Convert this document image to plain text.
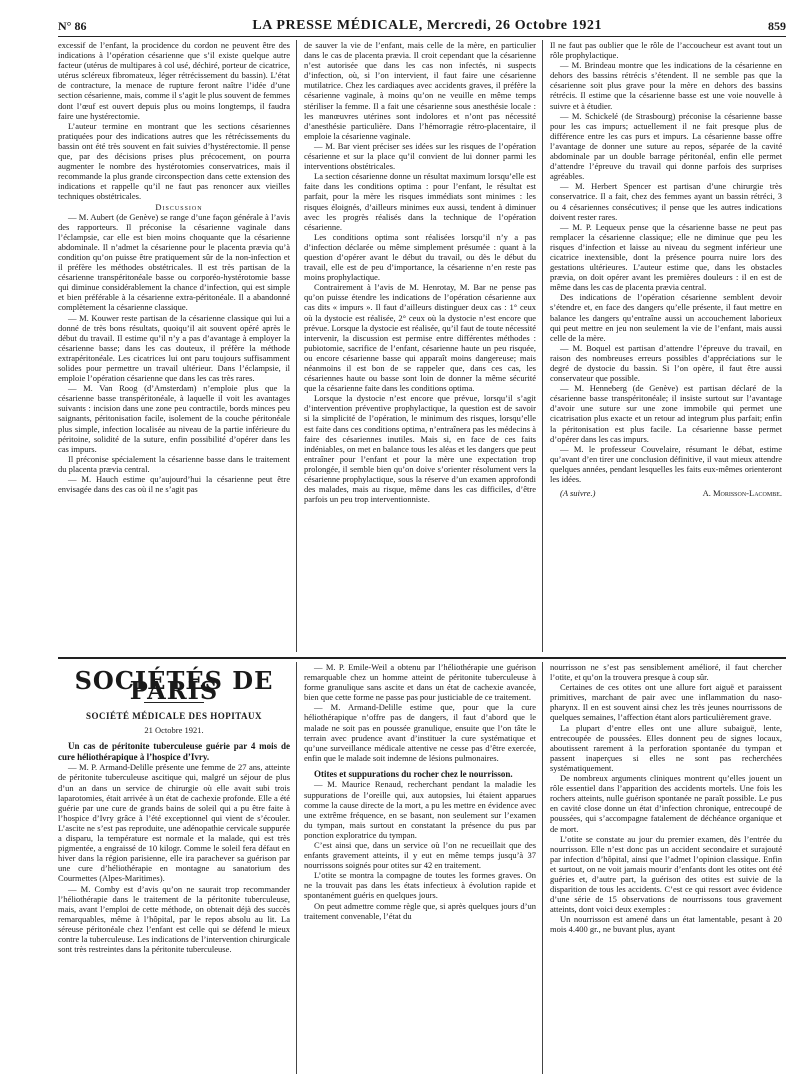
N° 86	LA PRESSE MÉDICALE, Mercredi, 26 Octobre 1921	859

excessif de l’enfant, la procidence du cordon ne peuvent être des indications à l’opération césarienne que s’il existe quelque autre facteur (utérus de multipares à col usé, déchiré, porteur de cicatrice, utérus scléreux fibromateux, léger rétrécissement du bassin). L’état de contracture, la menace de rupture feront naître l’idée d’une section césarienne, mais, comme il s’agit le plus souvent de femmes dont l’œuf est ouvert depuis plus ou moins longtemps, il faudra faire une hystérectomie.

L’auteur termine en montrant que les sections césariennes pratiquées pour des indications autres que les rétrécissements du bassin ont été très souvent en fait suivies d’hystérectomie. Il pense que, par des décisions prises plus précocement, on pourra augmenter le nombre des hystérotomies conservatrices, mais il recommande la plus grande circonspection dans cette extension des indications et rappelle qu’il ne faut pas renoncer aux vieilles techniques obstétricales.

Discussion

— M. Aubert (de Genève) se range d’une façon générale à l’avis des rapporteurs. Il préconise la césarienne vaginale dans l’éclampsie, car elle est bien moins choquante que la césarienne abdominale. Il n’admet la césarienne pour le placenta prævia qu’à condition qu’on puisse être pratiquement sûr de la non-infection et il préfère les méthodes obstétricales. Il est très partisan de la césarienne transpéritonéale basse ou corporéo-hystérotomie basse qui diminue considérablement la chance d’infection, qui est simple et bien préférable à la césarienne extra-péritonéale. Il a abandonné complètement la césarienne classique.

— M. Kouwer reste partisan de la césarienne classique qui lui a donné de très bons résultats, quoiqu’il ait souvent opéré après le début du travail. Il estime qu’il n’y a pas d’avantage à employer la césarienne basse; dans les cas douteux, il préfère la méthode extrapéritonéale. Les cicatrices lui ont paru toujours suffisamment solides pour permettre un travail ultérieur. Dans l’éclampsie, il emploie l’opération césarienne que dans les cas très rares.

— M. Van Roog (d’Amsterdam) n’emploie plus que la césarienne basse transpéritonéale, à laquelle il voit les avantages suivants : incision dans une zone peu contractile, bords minces peu saignants, péritonisation facile, isolement de la couche péritonéale plus simple, infection localisée au niveau de la partie inférieure du péritoine, solidité de la suture, enfin possibilité d’opérer dans les cas impurs.

Il préconise spécialement la césarienne basse dans le traitement du placenta prævia central.

— M. Hauch estime qu’aujourd’hui la césarienne peut être envisagée dans des cas où il ne s’agit pas

de sauver la vie de l’enfant, mais celle de la mère, en particulier dans le cas de placenta prævia. Il croit cependant que la césarienne n’est autorisée que dans les cas non infectés, ni suspects d’infection, où, si l’on intervient, il faut faire une césarienne mutilatrice. Chez les cardiaques avec accidents graves, il préfère la césarienne vaginale, à moins qu’on ne veuille en même temps stériliser la femme. Il a fait une césarienne sous anesthésie locale : les manœuvres utérines sont indolores et n’ont pas nécessité d’anesthésie particulière. Dans l’hémorragie rétro-placentaire, il emploie la césarienne vaginale.

— M. Bar vient préciser ses idées sur les risques de l’opération césarienne et sur la place qu’il convient de lui donner parmi les interventions obstétricales.

La section césarienne donne un résultat maximum lorsqu’elle est faite dans les conditions optima : pour l’enfant, le résultat est parfait, pour la mère les risques immédiats sont minimes : les risques éloignés, d’ailleurs minimes eux aussi, tendent à diminuer avec les progrès réalisés dans la technique de l’opération césarienne.

Les conditions optima sont réalisées lorsqu’il n’y a pas d’infection déclarée ou même simplement présumée : quant à la question d’opérer avant le début du travail, ou dès le début du travail, elle est de peu d’importance, la césarienne n’en reste pas moins prophylactique.

Contrairement à l’avis de M. Henrotay, M. Bar ne pense pas qu’on puisse étendre les indications de l’opération césarienne aux cas dits « impurs ». Il faut d’ailleurs distinguer deux cas : 1° ceux où la dystocie est réalisée, 2° ceux où la dystocie n’est encore que prévue. Lorsque la dystocie est réalisée, qu’il faut de toute nécessité intervenir, la discussion est permise entre différentes méthodes : pubiotomie, sacrifice de l’enfant, césarienne haute un peu risquée, ou encore césarienne basse qui apparaît moins dangereuse; mais néanmoins il est bon de se rappeler que, dans ces cas, les césariennes haute ou basse sont loin de donner la même sécurité que la césarienne faite dans les conditions optima.

Lorsque la dystocie n’est encore que prévue, lorsqu’il s’agit d’intervention préventive prophylactique, la question est de savoir si la simplicité de l’opération, le minimum des risques, lorsqu’elle est faite dans ces conditions optima, n’entraînera pas les médecins à faire des césariennes inutiles. Mais si, en face de ces faits indéniables, on met en balance tous les aléas et les dangers que peut entraîner pour l’enfant et pour la mère une expectation trop prolongée, il semble bien qu’on doive s’orienter résolument vers la césarienne prophylactique, sous la réserve d’un examen approfondi des malades, mais au risque, même dans les cas difficiles, d’être parfois un peu trop interventionniste.

Il ne faut pas oublier que le rôle de l’accoucheur est avant tout un rôle prophylactique.

— M. Brindeau montre que les indications de la césarienne en dehors des bassins rétrécis s’étendent. Il ne semble pas que la césarienne soit plus grave pour la mère en dehors des bassins rétrécis. Il estime que la césarienne basse est une voie nouvelle à suivre et à étudier.

— M. Schickelé (de Strasbourg) préconise la césarienne basse pour les cas impurs; actuellement il ne fait presque plus de différence entre les cas purs et impurs. La césarienne basse offre l’avantage de donner une suture au repos, séparée de la cavité abdominale par un double barrage péritonéal, enfin elle permet d’attendre l’épreuve du travail qui donne parfois des surprises agréables.

— M. Herbert Spencer est partisan d’une chirurgie très conservatrice. Il a fait, chez des femmes ayant un bassin rétréci, 3 ou 4 césariennes consécutives; il pense que les autres indications doivent rester rares.

— M. P. Lequeux pense que la césarienne basse ne peut pas remplacer la césarienne classique; elle ne diminue que peu les risques d’infection et laisse au niveau du segment inférieur une cicatrice inextensible, dont la présence pourra nuire lors des gestations ultérieures. L’auteur estime que, dans les obstacles prævia, on doit opérer avant les premières douleurs : il en est de même dans les cas de placenta prævia central.

Des indications de l’opération césarienne semblent devoir s’étendre et, en face des dangers qu’elle présente, il faut mettre en balance les dangers qu’entraîne aussi un accouchement laborieux qui peut mettre en jeu non seulement la vie de l’enfant, mais aussi celle de la mère.

— M. Boquel est partisan d’attendre l’épreuve du travail, en raison des nombreuses erreurs possibles d’appréciations sur le degré de dystocie du bassin. Si l’on opère, il faut être aussi conservateur que possible.

— M. Henneberg (de Genève) est partisan déclaré de la césarienne basse transpéritonéale; il insiste surtout sur l’avantage d’avoir une suture sur une zone immobile qui permet une cicatrisation plus exacte et un retour ad integrum plus parfait; enfin la péritonisation est plus facile. La césarienne basse permet d’opérer dans les cas impurs.

— M. le professeur Couvelaire, résumant le débat, estime qu’avant d’en tirer une conclusion définitive, il vaut mieux attendre quelques années, pendant lesquelles les faits eux-mêmes orienteront les idées.

(A suivre.)	A. Morisson-Lacombe.
SOCIÉTÉS DE PARIS
SOCIÉTÉ MÉDICALE DES HOPITAUX
21 Octobre 1921.

Un cas de péritonite tuberculeuse guérie par 4 mois de cure héliothérapique à l’hospice d’Ivry.

— M. P. Armand-Delille présente une femme de 27 ans, atteinte de péritonite tuberculeuse ascitique qui, malgré un séjour de plus d’un an dans un service de chirurgie où elle avait subi trois laparotomies, était arrivée à un état de cachexie profonde. Elle a été guérie par une cure de grands bains de soleil qui a pu être faite à l’hospice d’Ivry grâce à l’été exceptionnel qui vient de s’écouler. L’ascite ne s’est pas reproduite, une adénopathie cervicale suppurée a disparu, la température est normale et la malade, qui est très pigmentée, a engraissé de 10 kilogr. Comme le soleil fera défaut en hiver dans la région parisienne, elle ira parachever sa guérison par une cure d’héliothérapie en montagne au sanatorium des Courmettes (Alpes-Maritimes).

— M. Comby est d’avis qu’on ne saurait trop recommander l’héliothérapie dans le traitement de la péritonite tuberculeuse, mais, avant l’emploi de cette méthode, on obtenait déjà des succès remarquables, même à l’hôpital, par le repos absolu au lit. La séreuse péritonéale chez l’enfant est celle qui se défend le mieux contre la tuberculeuse. Les indications de l’intervention chirurgicale sont très restreintes dans la péritonite tuberculeuse.

— M. P. Emile-Weil a obtenu par l’héliothérapie une guérison remarquable chez un homme atteint de péritonite tuberculeuse à forme granulique sans ascite et dans un état de cachexie avancée, bien que cette forme ne passe pas pour justiciable de ce traitement.

— M. Armand-Delille estime que, pour que la cure héliothérapique n’offre pas de dangers, il faut d’abord que le malade ne soit pas en poussée granulique, ensuite que l’on tâte le terrain avec prudence avant d’instituer la cure systématique et qu’une surveillance médicale attentive ne cesse pas d’être exercée, enfin que le malade soit indemne de lésions pulmonaires.

Otites et suppurations du rocher chez le nourrisson.

— M. Maurice Renaud, recherchant pendant la maladie les suppurations de l’oreille qui, aux autopsies, lui étaient apparues comme la cause directe de la mort, a pu les mettre en évidence avec une extrême fréquence, en se basant, non seulement sur l’examen du tympan, mais surtout en constatant la présence du pus par ponction exploratrice du tympan.

C’est ainsi que, dans un service où l’on ne recueillait que des enfants gravement atteints, il y eut en même temps jusqu’à 37 nourrissons soignés pour otites sur 42 en traitement.

L’otite se montra la compagne de toutes les formes graves. On ne la trouvait pas dans les états infectieux à évolution rapide et spontanément guéris en quelques jours.

On peut admettre comme règle que, si après quelques jours d’un traitement convenable, l’état du

nourrisson ne s’est pas sensiblement amélioré, il faut chercher l’otite, et qu’on la trouvera presque à coup sûr.

Certaines de ces otites ont une allure fort aiguë et paraissent primitives, marchant de pair avec une inflammation du naso-pharynx. Il en est souvent ainsi chez les très jeunes nourrissons de quelques semaines, l’affection étant alors particulièrement grave.

La plupart d’entre elles ont une allure subaiguë, lente, entrecoupée de poussées. Elles donnent peu de signes locaux, aboutissent rarement à la perforation spontanée du tympan et passent inaperçues si elles ne sont pas recherchées systématiquement.

De nombreux arguments cliniques montrent qu’elles jouent un rôle essentiel dans l’apparition des accidents mortels. Une fois les rochers atteints, nulle guérison spontanée ne paraît possible. Le pus en cavité close donne un état d’infection chronique, entrecoupé de poussées, qui s’accompagne fatalement de déchéance organique et de mort.

L’otite se constate au jour du premier examen, dès l’entrée du nourrisson. Elle n’est donc pas un accident secondaire et surajouté par infection d’hôpital, ainsi que l’admet l’opinion classique. Enfin et surtout, on ne voit jamais mourir d’enfants dont les otites ont été guéries et, d’autre part, la guérison des otites est suivie de la disparition de tous les accidents. C’est ce qui ressort avec évidence d’une série de 15 observations de nourrissons tous gravement atteints, dont voici deux exemples :

Un nourrisson est amené dans un état lamentable, pesant à 20 mois 4.400 gr., ne buvant plus, ayant
